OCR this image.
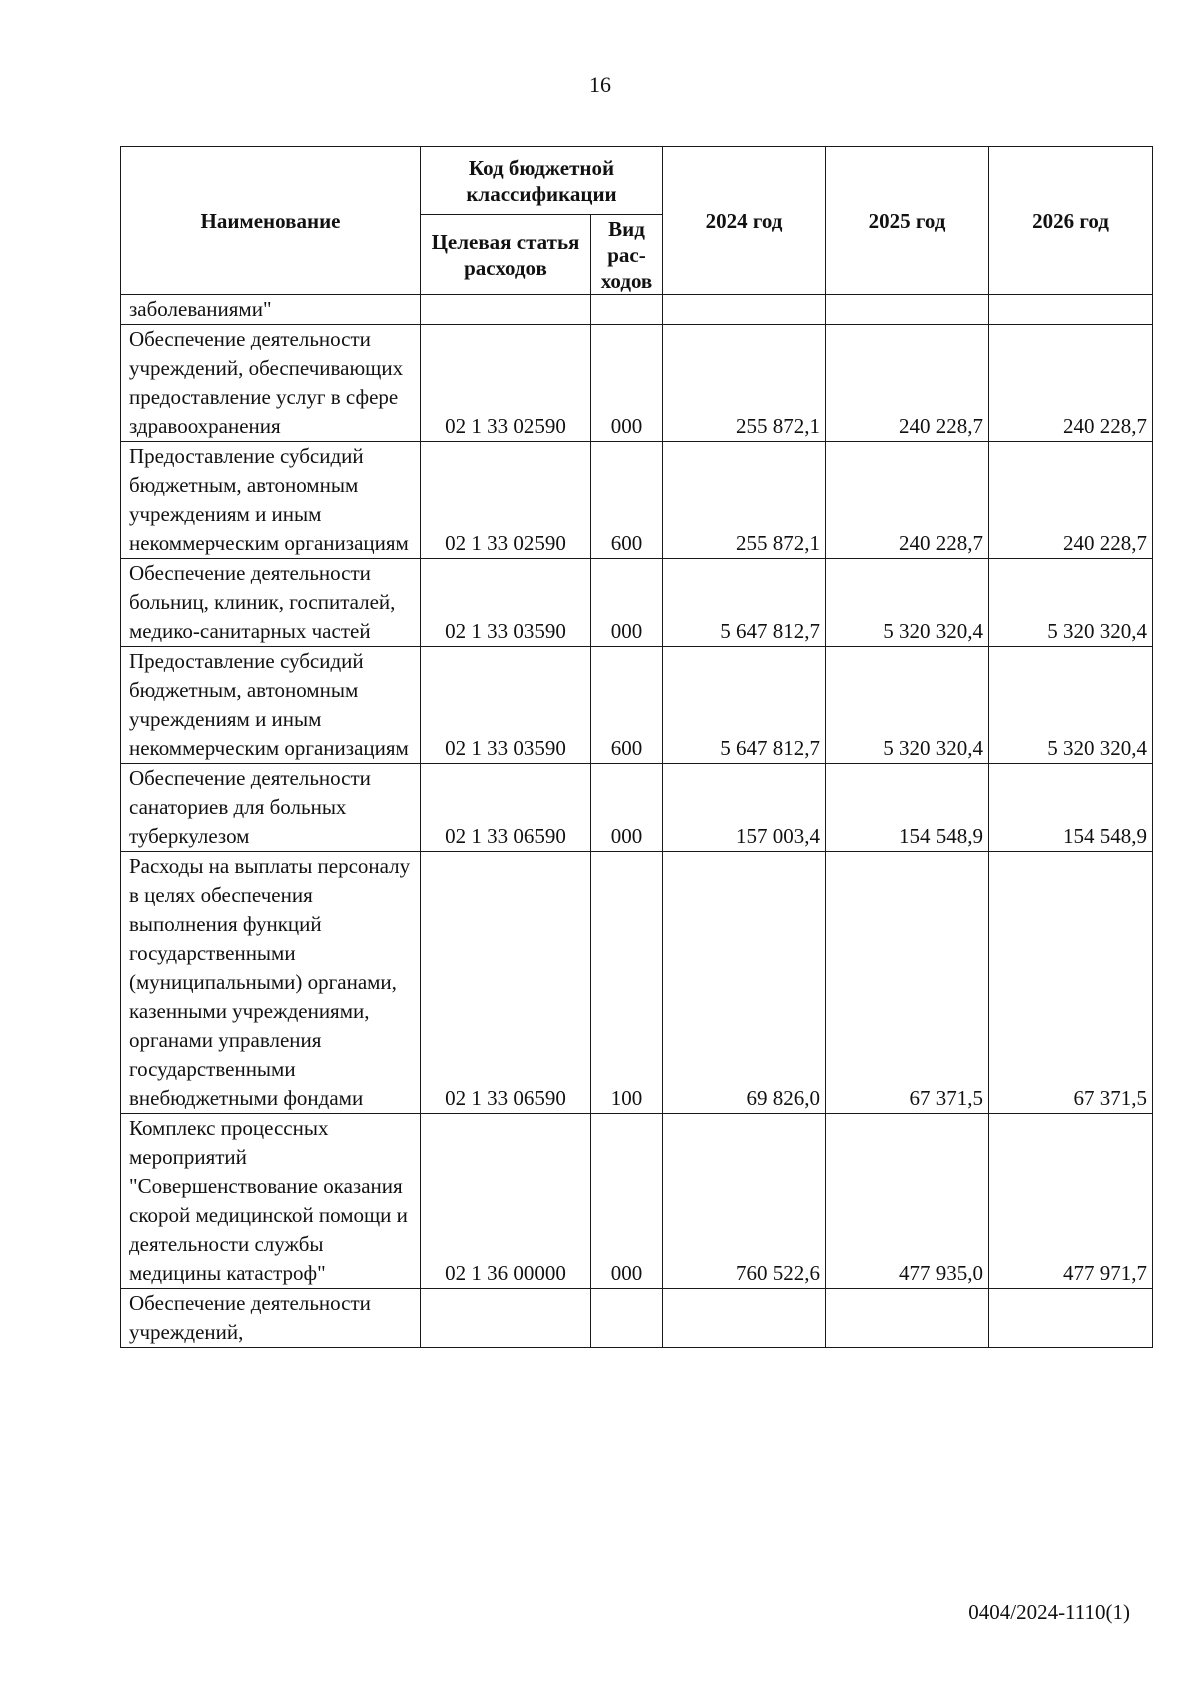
16
Наименование	Код бюджетной классификации		2024 год	2025 год	2026 год
	Целевая статья расходов	Вид рас-ходов			
заболеваниями"					
Обеспечение деятельности учреждений, обеспечивающих предоставление услуг в сфере здравоохранения	02 1 33 02590	000	255 872,1	240 228,7	240 228,7
Предоставление субсидий бюджетным, автономным учреждениям и иным некоммерческим организациям	02 1 33 02590	600	255 872,1	240 228,7	240 228,7
Обеспечение деятельности больниц, клиник, госпиталей, медико-санитарных частей	02 1 33 03590	000	5 647 812,7	5 320 320,4	5 320 320,4
Предоставление субсидий бюджетным, автономным учреждениям и иным некоммерческим организациям	02 1 33 03590	600	5 647 812,7	5 320 320,4	5 320 320,4
Обеспечение деятельности санаториев для больных туберкулезом	02 1 33 06590	000	157 003,4	154 548,9	154 548,9
Расходы на выплаты персоналу в целях обеспечения выполнения функций государственными (муниципальными) органами, казенными учреждениями, органами управления государственными внебюджетными фондами	02 1 33 06590	100	69 826,0	67 371,5	67 371,5
Комплекс процессных мероприятий "Совершенствование оказания скорой медицинской помощи и деятельности службы медицины катастроф"	02 1 36 00000	000	760 522,6	477 935,0	477 971,7
Обеспечение деятельности учреждений,					
0404/2024-1110(1)
